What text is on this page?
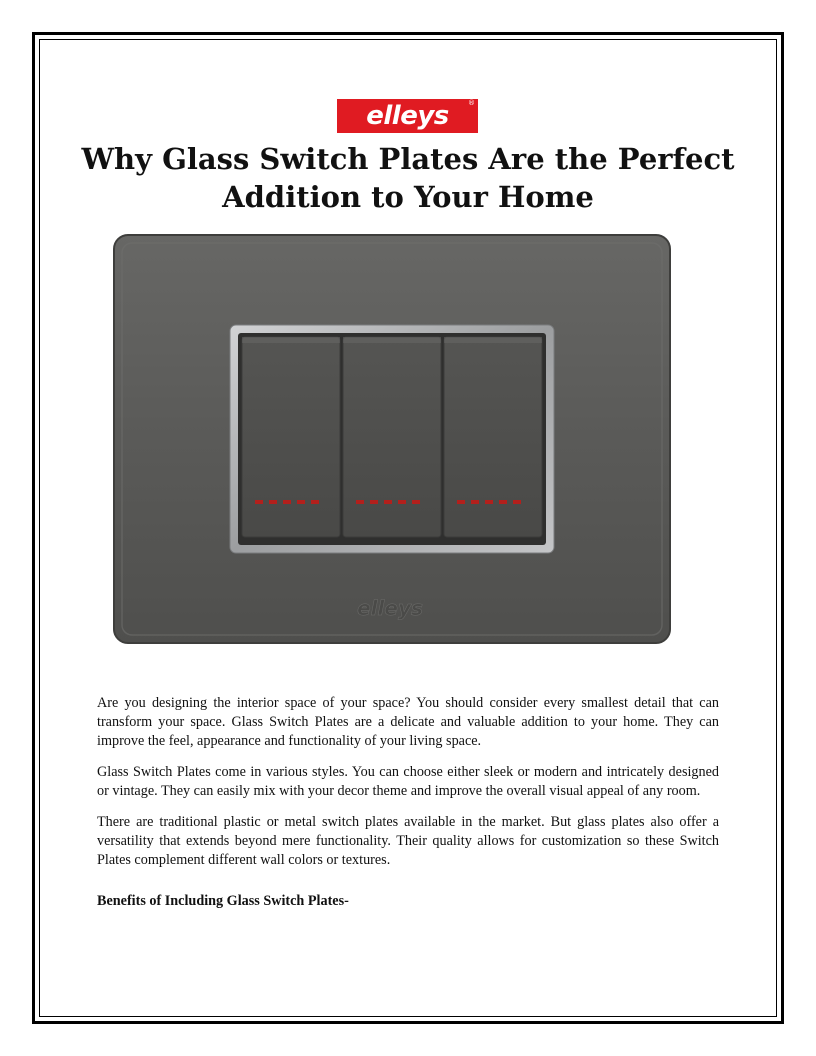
elleys	®
Why Glass Switch Plates Are the Perfect Addition to Your Home
elleys

Are you designing the interior space of your space? You should consider every smallest detail that can transform your space. Glass Switch Plates are a delicate and valuable addition to your home. They can improve the feel, appearance and functionality of your living space.

Glass Switch Plates come in various styles. You can choose either sleek or modern and intricately designed or vintage. They can easily mix with your decor theme and improve the overall visual appeal of any room.

There are traditional plastic or metal switch plates available in the market. But glass plates also offer a versatility that extends beyond mere functionality. Their quality allows for customization so these Switch Plates complement different wall colors or textures.

Benefits of Including Glass Switch Plates-
